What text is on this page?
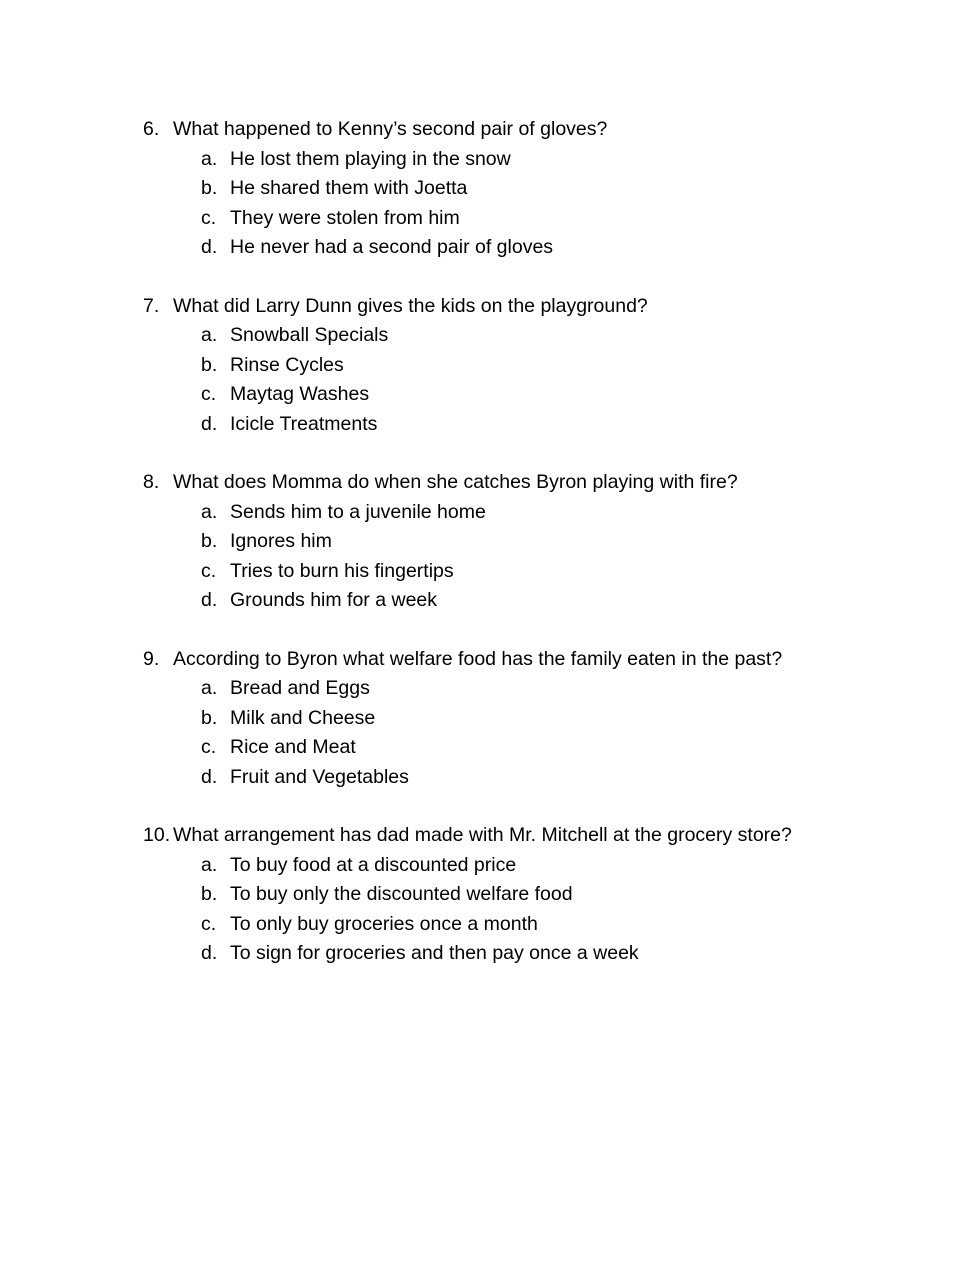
6. What happened to Kenny’s second pair of gloves?
a. He lost them playing in the snow
b. He shared them with Joetta
c. They were stolen from him
d. He never had a second pair of gloves
7. What did Larry Dunn gives the kids on the playground?
a. Snowball Specials
b. Rinse Cycles
c. Maytag Washes
d. Icicle Treatments
8. What does Momma do when she catches Byron playing with fire?
a. Sends him to a juvenile home
b. Ignores him
c. Tries to burn his fingertips
d. Grounds him for a week
9. According to Byron what welfare food has the family eaten in the past?
a. Bread and Eggs
b. Milk and Cheese
c. Rice and Meat
d. Fruit and Vegetables
10. What arrangement has dad made with Mr. Mitchell at the grocery store?
a. To buy food at a discounted price
b. To buy only the discounted welfare food
c. To only buy groceries once a month
d. To sign for groceries and then pay once a week
